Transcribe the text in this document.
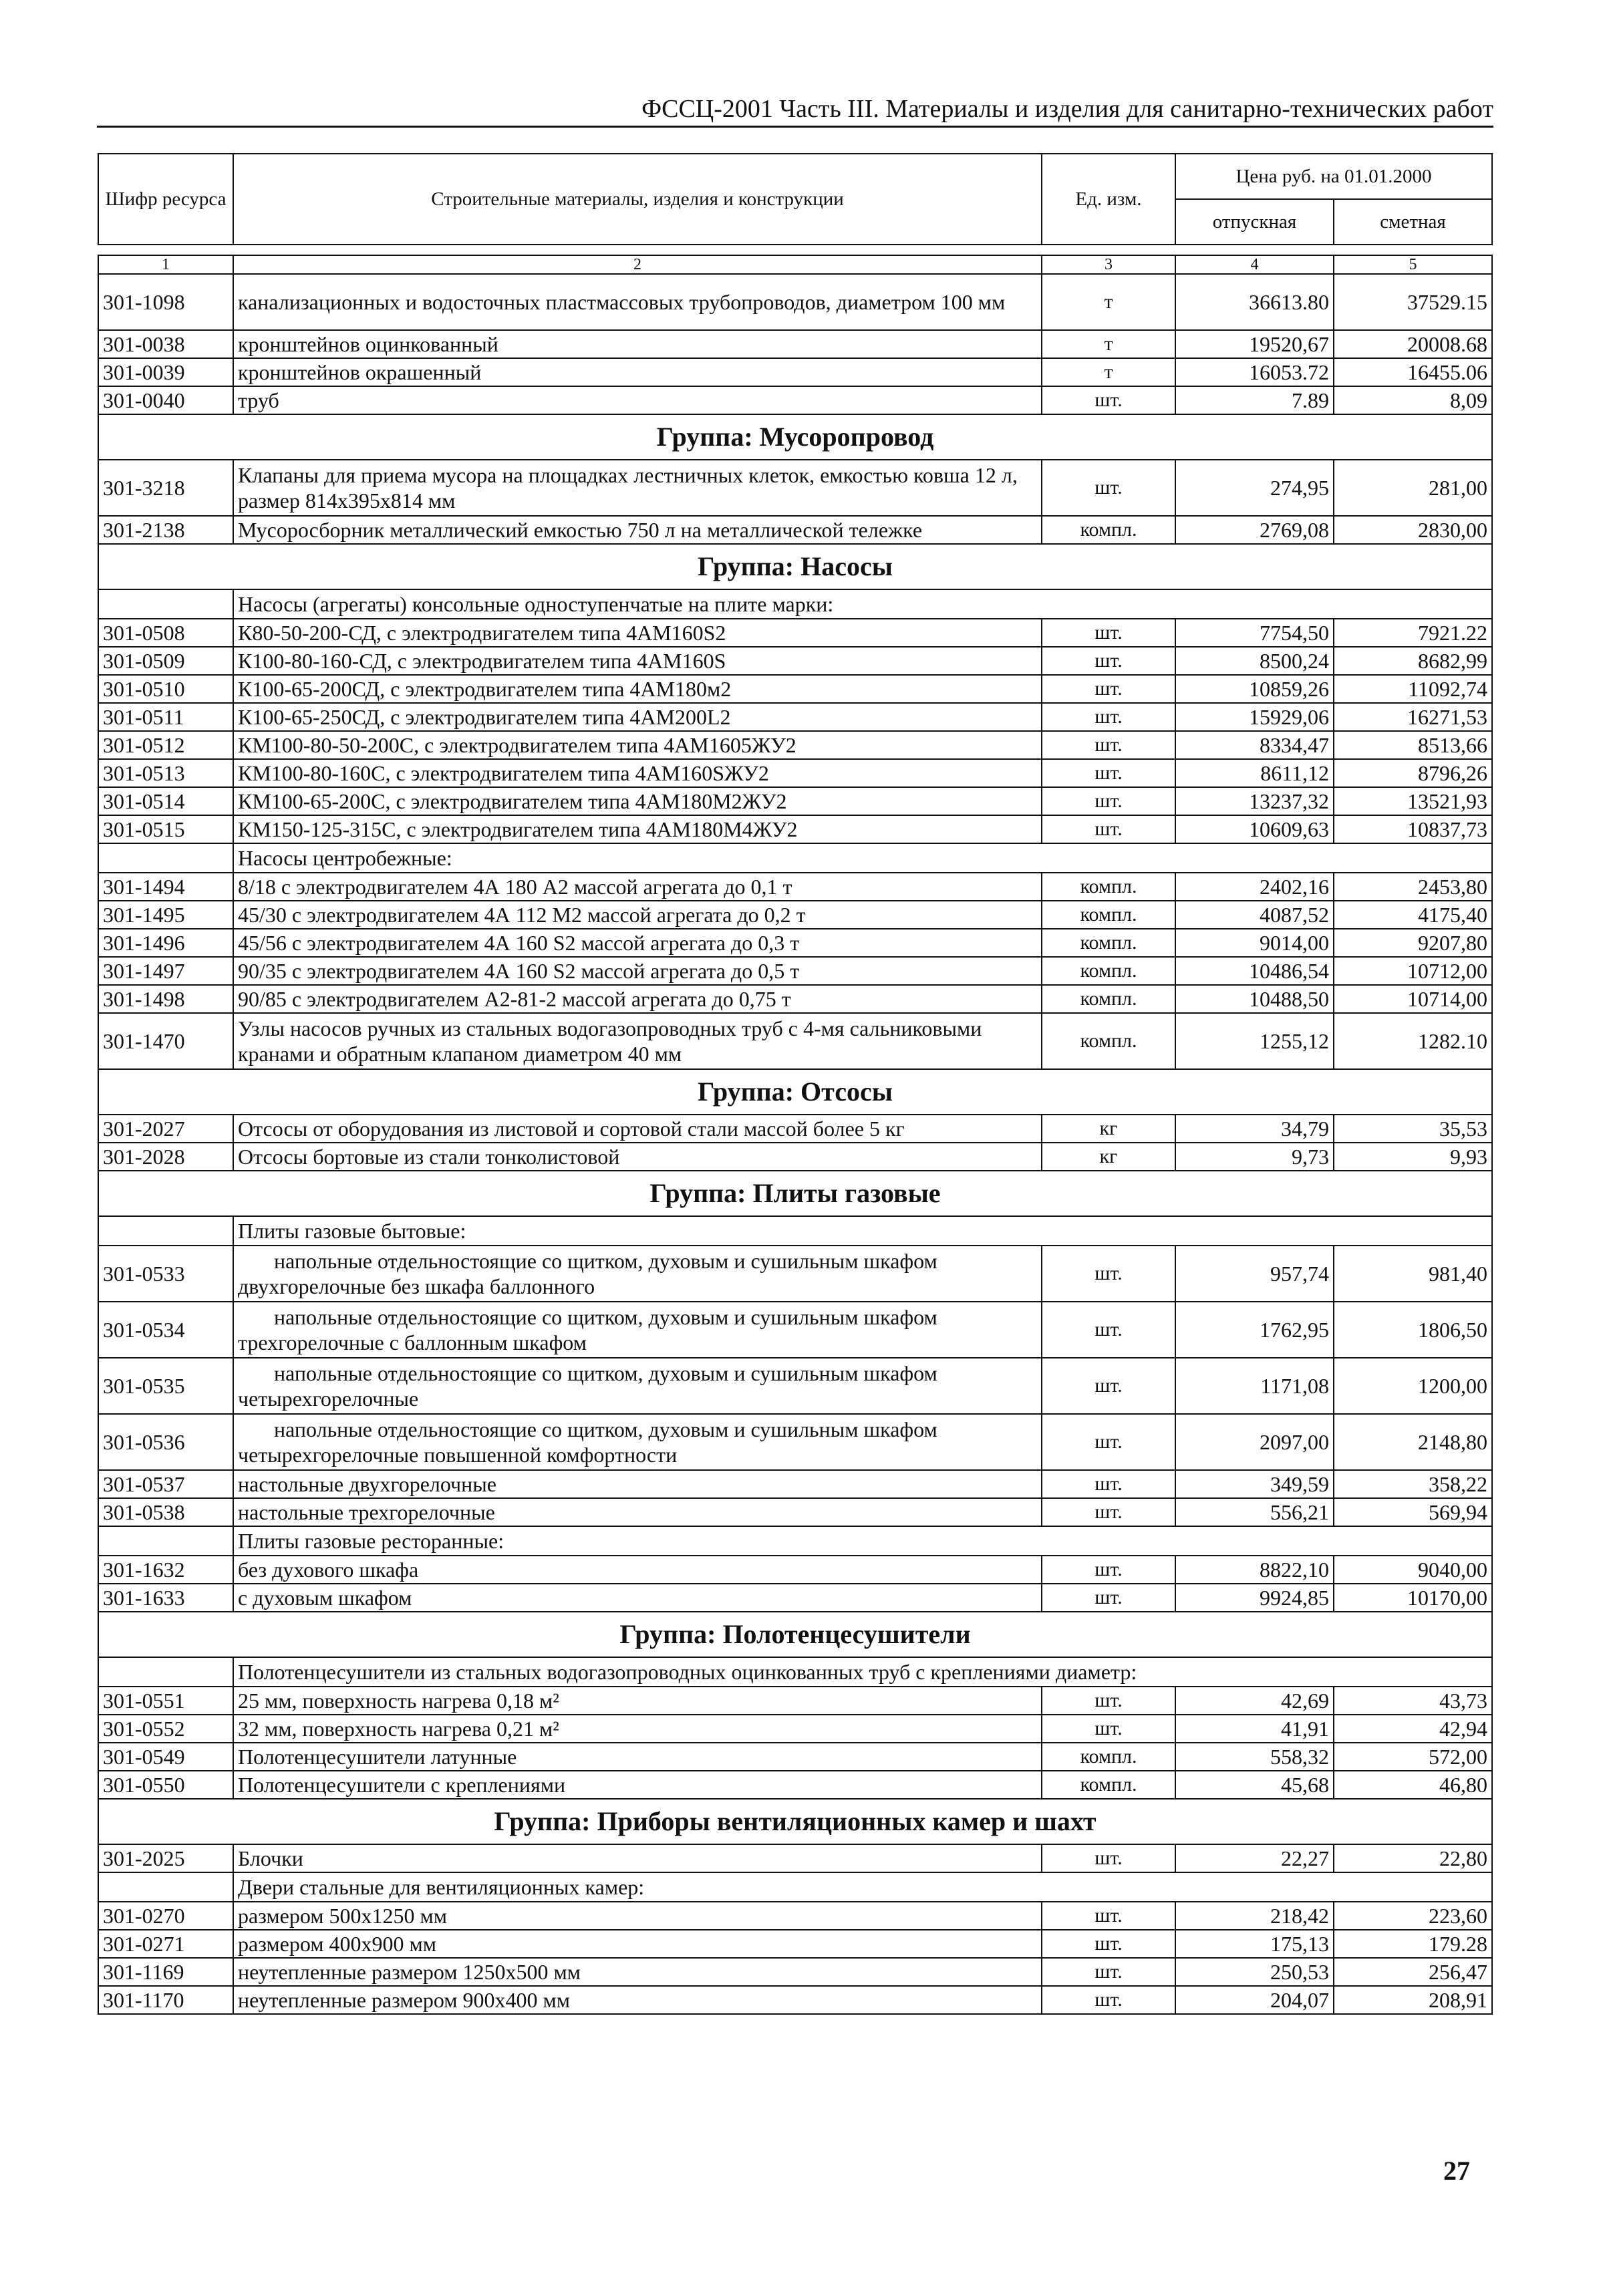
ФССЦ-2001 Часть III. Материалы и изделия для санитарно-технических работ
Шифр ресурса	Строительные материалы, изделия и конструкции	Ед. изм.	Цена руб. на 01.01.2000	
			отпускная	сметная

1	2	3	4	5
301-1098	канализационных и водосточных пластмассовых трубопроводов, диаметром 100 мм	т	36613.80	37529.15
301-0038	кронштейнов оцинкованный	т	19520,67	20008.68
301-0039	кронштейнов окрашенный	т	16053.72	16455.06
301-0040	труб	шт.	7.89	8,09
Группа: Мусоропровод				
301-3218	Клапаны для приема мусора на площадках лестничных клеток, емкостью ковша 12 л, размер 814x395x814 мм	шт.	274,95	281,00
301-2138	Мусоросборник металлический емкостью 750 л на металлической тележке	компл.	2769,08	2830,00
Группа: Насосы				
	Насосы (агрегаты) консольные одноступенчатые на плите марки:			
301-0508	К80-50-200-СД, с электродвигателем типа 4АМ160S2	шт.	7754,50	7921.22
301-0509	К100-80-160-СД, с электродвигателем типа 4АМ160S	шт.	8500,24	8682,99
301-0510	К100-65-200СД, с электродвигателем типа 4АМ180м2	шт.	10859,26	11092,74
301-0511	К100-65-250СД, с электродвигателем типа 4АМ200L2	шт.	15929,06	16271,53
301-0512	КМ100-80-50-200С, с электродвигателем типа 4АМ1605ЖУ2	шт.	8334,47	8513,66
301-0513	КМ100-80-160С, с электродвигателем типа 4АМ160SЖУ2	шт.	8611,12	8796,26
301-0514	КМ100-65-200С, с электродвигателем типа 4АМ180М2ЖУ2	шт.	13237,32	13521,93
301-0515	КМ150-125-315С, с электродвигателем типа 4АМ180М4ЖУ2	шт.	10609,63	10837,73
	Насосы центробежные:			
301-1494	8/18 с электродвигателем 4А 180 А2 массой агрегата до 0,1 т	компл.	2402,16	2453,80
301-1495	45/30 с электродвигателем 4А 112 М2 массой агрегата до 0,2 т	компл.	4087,52	4175,40
301-1496	45/56 с электродвигателем 4А 160 S2 массой агрегата до 0,3 т	компл.	9014,00	9207,80
301-1497	90/35 с электродвигателем 4А 160 S2 массой агрегата до 0,5 т	компл.	10486,54	10712,00
301-1498	90/85 с электродвигателем А2-81-2 массой агрегата до 0,75 т	компл.	10488,50	10714,00
301-1470	Узлы насосов ручных из стальных водогазопроводных труб с 4-мя сальниковыми кранами и обратным клапаном диаметром 40 мм	компл.	1255,12	1282.10
Группа: Отсосы				
301-2027	Отсосы от оборудования из листовой и сортовой стали массой более 5 кг	кг	34,79	35,53
301-2028	Отсосы бортовые из стали тонколистовой	кг	9,73	9,93
Группа: Плиты газовые				
	Плиты газовые бытовые:			
301-0533	напольные отдельностоящие со щитком, духовым и сушильным шкафом
двухгорелочные без шкафа баллонного	шт.	957,74	981,40
301-0534	напольные отдельностоящие со щитком, духовым и сушильным шкафом
трехгорелочные с баллонным шкафом	шт.	1762,95	1806,50
301-0535	напольные отдельностоящие со щитком, духовым и сушильным шкафом
четырехгорелочные	шт.	1171,08	1200,00
301-0536	напольные отдельностоящие со щитком, духовым и сушильным шкафом
четырехгорелочные повышенной комфортности	шт.	2097,00	2148,80
301-0537	настольные двухгорелочные	шт.	349,59	358,22
301-0538	настольные трехгорелочные	шт.	556,21	569,94
	Плиты газовые ресторанные:			
301-1632	без духового шкафа	шт.	8822,10	9040,00
301-1633	с духовым шкафом	шт.	9924,85	10170,00
Группа: Полотенцесушители				
	Полотенцесушители из стальных водогазопроводных оцинкованных труб с креплениями диаметр:			
301-0551	25 мм, поверхность нагрева 0,18 м²	шт.	42,69	43,73
301-0552	32 мм, поверхность нагрева 0,21 м²	шт.	41,91	42,94
301-0549	Полотенцесушители латунные	компл.	558,32	572,00
301-0550	Полотенцесушители с креплениями	компл.	45,68	46,80
Группа: Приборы вентиляционных камер и шахт				
301-2025	Блочки	шт.	22,27	22,80
	Двери стальные для вентиляционных камер:			
301-0270	размером 500x1250 мм	шт.	218,42	223,60
301-0271	размером 400x900 мм	шт.	175,13	179.28
301-1169	неутепленные размером 1250x500 мм	шт.	250,53	256,47
301-1170	неутепленные размером 900x400 мм	шт.	204,07	208,91
27
